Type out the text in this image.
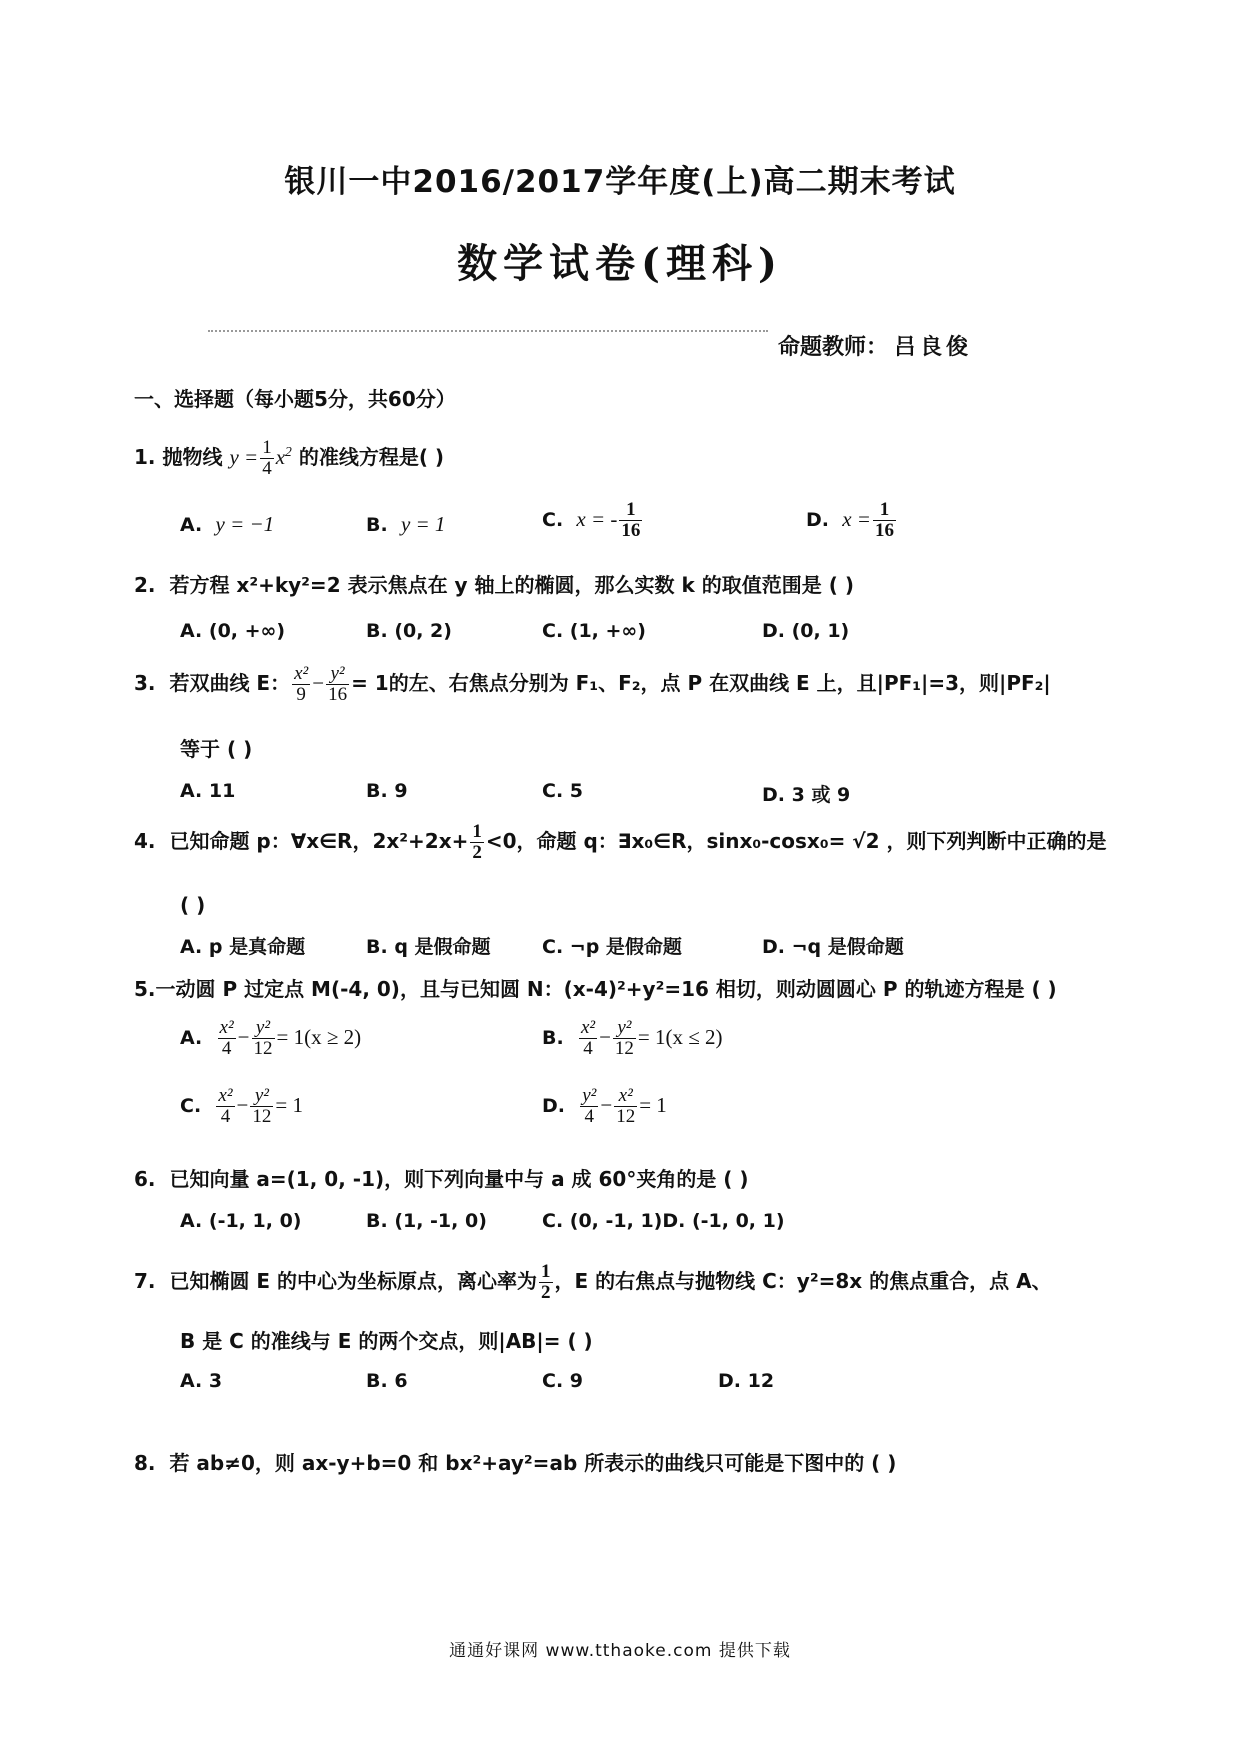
银川一中2016/2017学年度(上)高二期末考试
数学试卷(理科)
命题教师： 吕良俊
一、选择题（每小题5分，共60分）
1. 抛物线 $y = \frac{1}{4} x^2$ 的准线方程是( )
A. y = −1	B. y = 1	C. x = - $\frac{1}{16}$	D. $x = \frac{1}{16}$
2. 若方程 x²+ky²=2 表示焦点在 y 轴上的椭圆，那么实数 k 的取值范围是 ( )
A. (0, +∞)	B. (0, 2)	C. (1, +∞)	D. (0, 1)
3. 若双曲线 E： $\frac{\text{x²}}{9} - \frac{\text{y²}}{16} = 1$的左、右焦点分别为 F₁、F₂，点 P 在双曲线 E 上，且|PF₁|=3，则|PF₂|
等于 ( )
A. 11	B. 9	C. 5	D. 3 或 9
4. 已知命题 p：∀x∈R，$2x^2+2x+ \frac{1}{2} <0$，命题 q：∃x₀∈R，sinx₀-cosx₀= √2 ，则下列判断中正确的是
( )
A. p 是真命题	B. q 是假命题	C. ¬p 是假命题	D. ¬q 是假命题
5.一动圆 P 过定点 M(-4, 0)，且与已知圆 N：(x-4)²+y²=16 相切，则动圆圆心 P 的轨迹方程是 ( )
A. $\frac{\text{x²}}{4} - \frac{\text{y²}}{12} = 1(x \ge 2)$	B. $\frac{\text{x²}}{4} - \frac{\text{y²}}{12} = 1(x \le 2)$
C. $\frac{\text{x²}}{4} - \frac{\text{y²}}{12} = 1$	D. $\frac{\text{y²}}{4} - \frac{\text{x²}}{12} = 1$
6. 已知向量 a=(1, 0, -1)，则下列向量中与 a 成 60°夹角的是 ( )
A. (-1, 1, 0)	B. (1, -1, 0)	C. (0, -1, 1)D. (-1, 0, 1)
7. 已知椭圆 E 的中心为坐标原点，离心率为 $\frac{1}{2}$ ，E 的右焦点与抛物线 C：y²=8x 的焦点重合，点 A、
B 是 C 的准线与 E 的两个交点，则|AB|= ( )
A. 3	B. 6	C. 9	D. 12
8. 若 ab≠0，则 ax-y+b=0 和 bx²+ay²=ab 所表示的曲线只可能是下图中的 ( )
通通好课网 www.tthaoke.com 提供下载
